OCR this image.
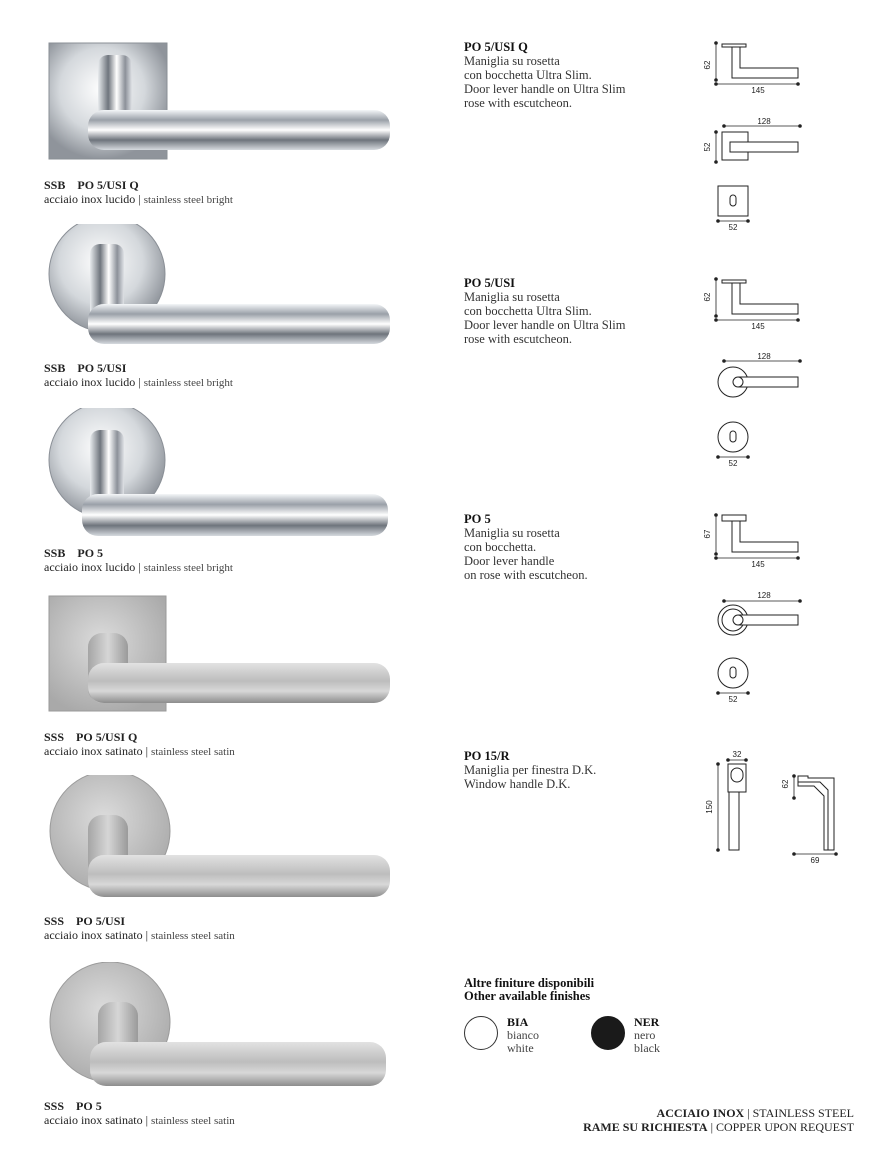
SSB PO 5/USI Q
acciaio inox lucido | stainless steel bright
SSB PO 5/USI
acciaio inox lucido | stainless steel bright
SSB PO 5
acciaio inox lucido | stainless steel bright
SSS PO 5/USI Q
acciaio inox satinato | stainless steel satin
SSS PO 5/USI
acciaio inox satinato | stainless steel satin
SSS PO 5
acciaio inox satinato | stainless steel satin
PO 5/USI Q
Maniglia su rosetta
con bocchetta Ultra Slim.
Door lever handle on Ultra Slim
rose with escutcheon.
PO 5/USI
Maniglia su rosetta
con bocchetta Ultra Slim.
Door lever handle on Ultra Slim
rose with escutcheon.
PO 5
Maniglia su rosetta
con bocchetta.
Door lever handle
on rose with escutcheon.
PO 15/R
Maniglia per finestra D.K.
Window handle D.K.
62
145
128
52
52
62
145
128
52
67
145
128
52
32
150
62
69
Altre finiture disponibili
Other available finishes
BIA
bianco
white
NER
nero
black
ACCIAIO INOX | STAINLESS STEEL
RAME SU RICHIESTA | COPPER UPON REQUEST
